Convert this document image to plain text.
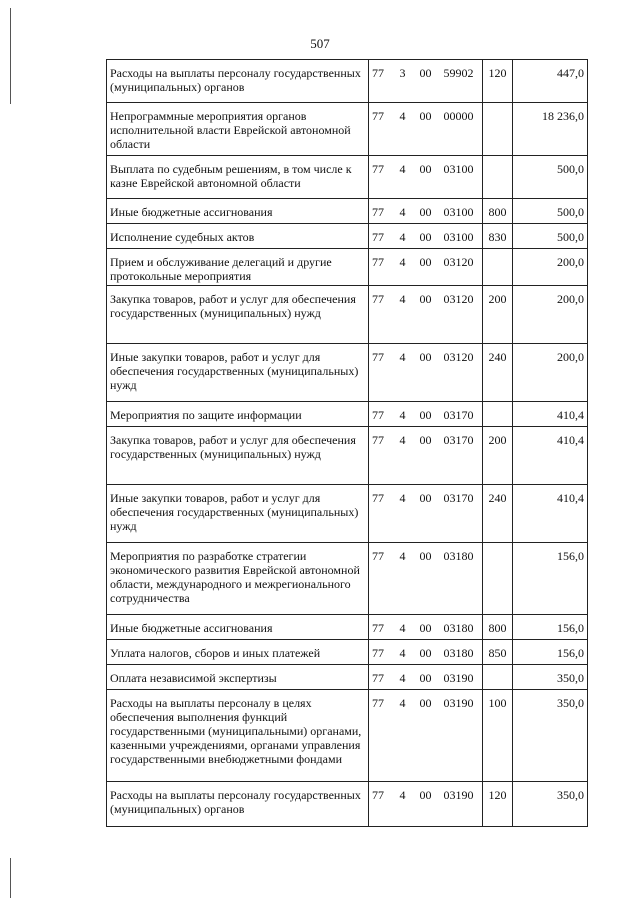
507
Расходы на выплаты персоналу государственных (муниципальных) органов	77	3	00	59902	120	447,0
Непрограммные мероприятия органов исполнительной власти Еврейской автономной области	77	4	00	00000		18 236,0
Выплата по судебным решениям, в том числе к казне Еврейской автономной области	77	4	00	03100		500,0
Иные бюджетные ассигнования	77	4	00	03100	800	500,0
Исполнение судебных актов	77	4	00	03100	830	500,0
Прием и обслуживание делегаций и другие протокольные мероприятия	77	4	00	03120		200,0
Закупка товаров, работ и услуг для обеспечения государственных (муниципальных) нужд	77	4	00	03120	200	200,0
Иные закупки товаров, работ и услуг для обеспечения государственных (муниципальных) нужд	77	4	00	03120	240	200,0
Мероприятия по защите информации	77	4	00	03170		410,4
Закупка товаров, работ и услуг для обеспечения государственных (муниципальных) нужд	77	4	00	03170	200	410,4
Иные закупки товаров, работ и услуг для обеспечения государственных (муниципальных) нужд	77	4	00	03170	240	410,4
Мероприятия по разработке стратегии экономического развития Еврейской автономной области, международного и межрегионального сотрудничества	77	4	00	03180		156,0
Иные бюджетные ассигнования	77	4	00	03180	800	156,0
Уплата налогов, сборов и иных платежей	77	4	00	03180	850	156,0
Оплата независимой экспертизы	77	4	00	03190		350,0
Расходы на выплаты персоналу в целях обеспечения выполнения функций государственными (муниципальными) органами, казенными учреждениями, органами управления государственными внебюджетными фондами	77	4	00	03190	100	350,0
Расходы на выплаты персоналу государственных (муниципальных) органов	77	4	00	03190	120	350,0
